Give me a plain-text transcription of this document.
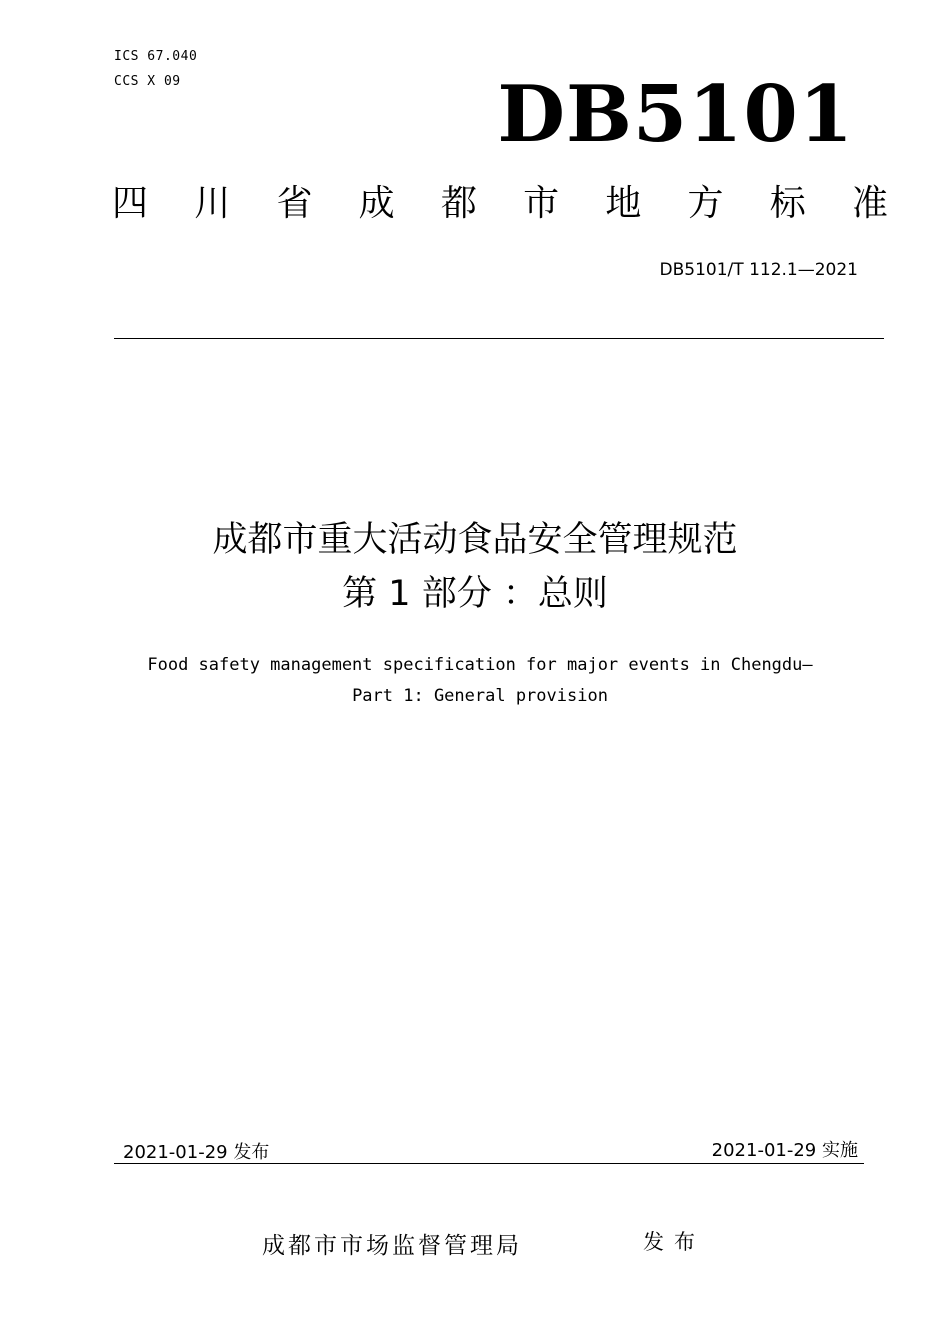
ICS 67.040
CCS X 09	DB5101
四 川 省 成 都 市 地 方 标 准
DB5101/T 112.1—2021
成都市重大活动食品安全管理规范
第 1 部分 ：总则
Food safety management specification for major events in Chengdu—
Part 1: General provision
2021-01-29 发布	2021-01-29 实施
成都市市场监督管理局	发布
